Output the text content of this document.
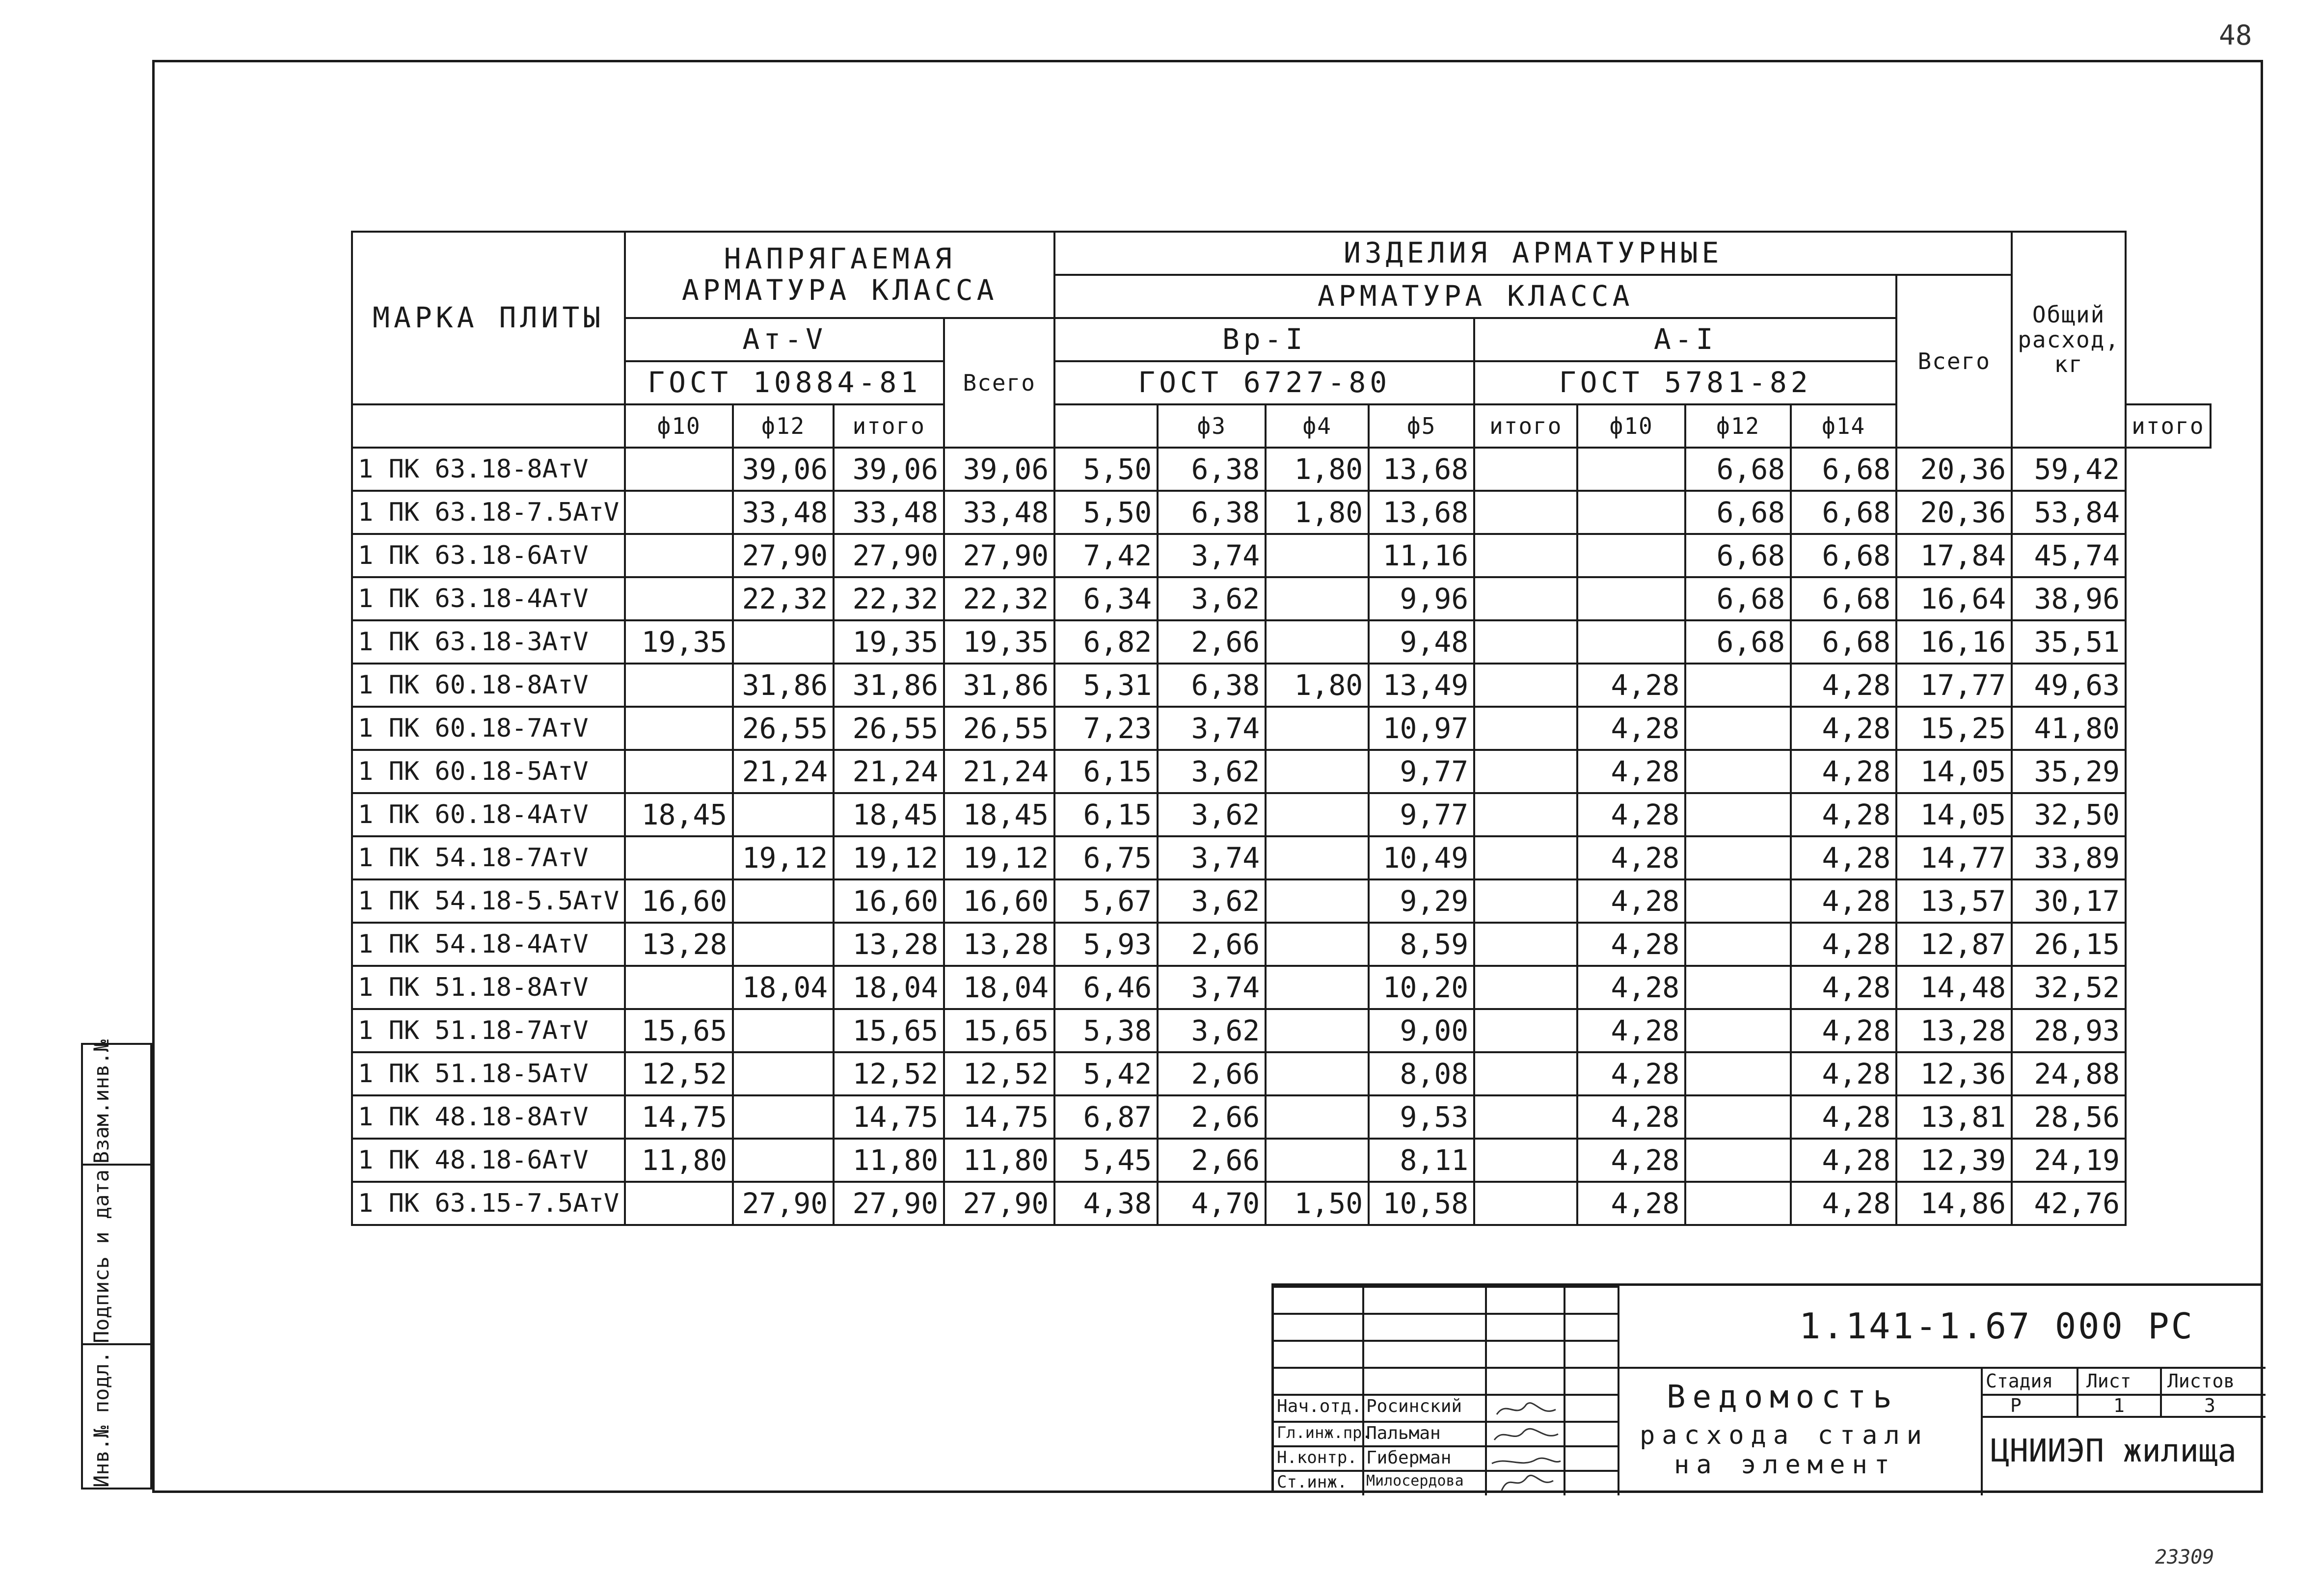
48
МАРКА ПЛИТЫ	НАПРЯГАЕМАЯ АРМАТУРА КЛАССА				ИЗДЕЛИЯ АРМАТУРНЫЕ									Общий расход, кг	
					АРМАТУРА КЛАССА								Всего		
	Ат-V			Всего	Вр-I				А-I						
	ГОСТ 10884-81				ГОСТ 6727-80				ГОСТ 5781-82						
	ф10	ф12	итого			ф3	ф4	ф5	итого	ф10	ф12	ф14			итого
1 ПК 63.18-8АтV		39,06	39,06	39,06	5,50	6,38	1,80	13,68			6,68	6,68	20,36	59,42	
1 ПК 63.18-7.5АтV		33,48	33,48	33,48	5,50	6,38	1,80	13,68			6,68	6,68	20,36	53,84	
1 ПК 63.18-6АтV		27,90	27,90	27,90	7,42	3,74		11,16			6,68	6,68	17,84	45,74	
1 ПК 63.18-4АтV		22,32	22,32	22,32	6,34	3,62		9,96			6,68	6,68	16,64	38,96	
1 ПК 63.18-3АтV	19,35		19,35	19,35	6,82	2,66		9,48			6,68	6,68	16,16	35,51	
1 ПК 60.18-8АтV		31,86	31,86	31,86	5,31	6,38	1,80	13,49		4,28		4,28	17,77	49,63	
1 ПК 60.18-7АтV		26,55	26,55	26,55	7,23	3,74		10,97		4,28		4,28	15,25	41,80	
1 ПК 60.18-5АтV		21,24	21,24	21,24	6,15	3,62		9,77		4,28		4,28	14,05	35,29	
1 ПК 60.18-4АтV	18,45		18,45	18,45	6,15	3,62		9,77		4,28		4,28	14,05	32,50	
1 ПК 54.18-7АтV		19,12	19,12	19,12	6,75	3,74		10,49		4,28		4,28	14,77	33,89	
1 ПК 54.18-5.5АтV	16,60		16,60	16,60	5,67	3,62		9,29		4,28		4,28	13,57	30,17	
1 ПК 54.18-4АтV	13,28		13,28	13,28	5,93	2,66		8,59		4,28		4,28	12,87	26,15	
1 ПК 51.18-8АтV		18,04	18,04	18,04	6,46	3,74		10,20		4,28		4,28	14,48	32,52	
1 ПК 51.18-7АтV	15,65		15,65	15,65	5,38	3,62		9,00		4,28		4,28	13,28	28,93	
1 ПК 51.18-5АтV	12,52		12,52	12,52	5,42	2,66		8,08		4,28		4,28	12,36	24,88	
1 ПК 48.18-8АтV	14,75		14,75	14,75	6,87	2,66		9,53		4,28		4,28	13,81	28,56	
1 ПК 48.18-6АтV	11,80		11,80	11,80	5,45	2,66		8,11		4,28		4,28	12,39	24,19	
1 ПК 63.15-7.5АтV		27,90	27,90	27,90	4,38	4,70	1,50	10,58		4,28		4,28	14,86	42,76	
Взам.инв.№
Подпись и дата
Инв.№ подл.	Нач.отд. Росинский
Гл.инж.пр.
Пальман
Н.контр. Гиберман
Ст.инж. Милосердова
1.141-1.67 000 РС
Ведомость
расхода стали
на элемент
Стадия Лист Листов
Р	1	3
ЦНИИЭП жилища
23309
